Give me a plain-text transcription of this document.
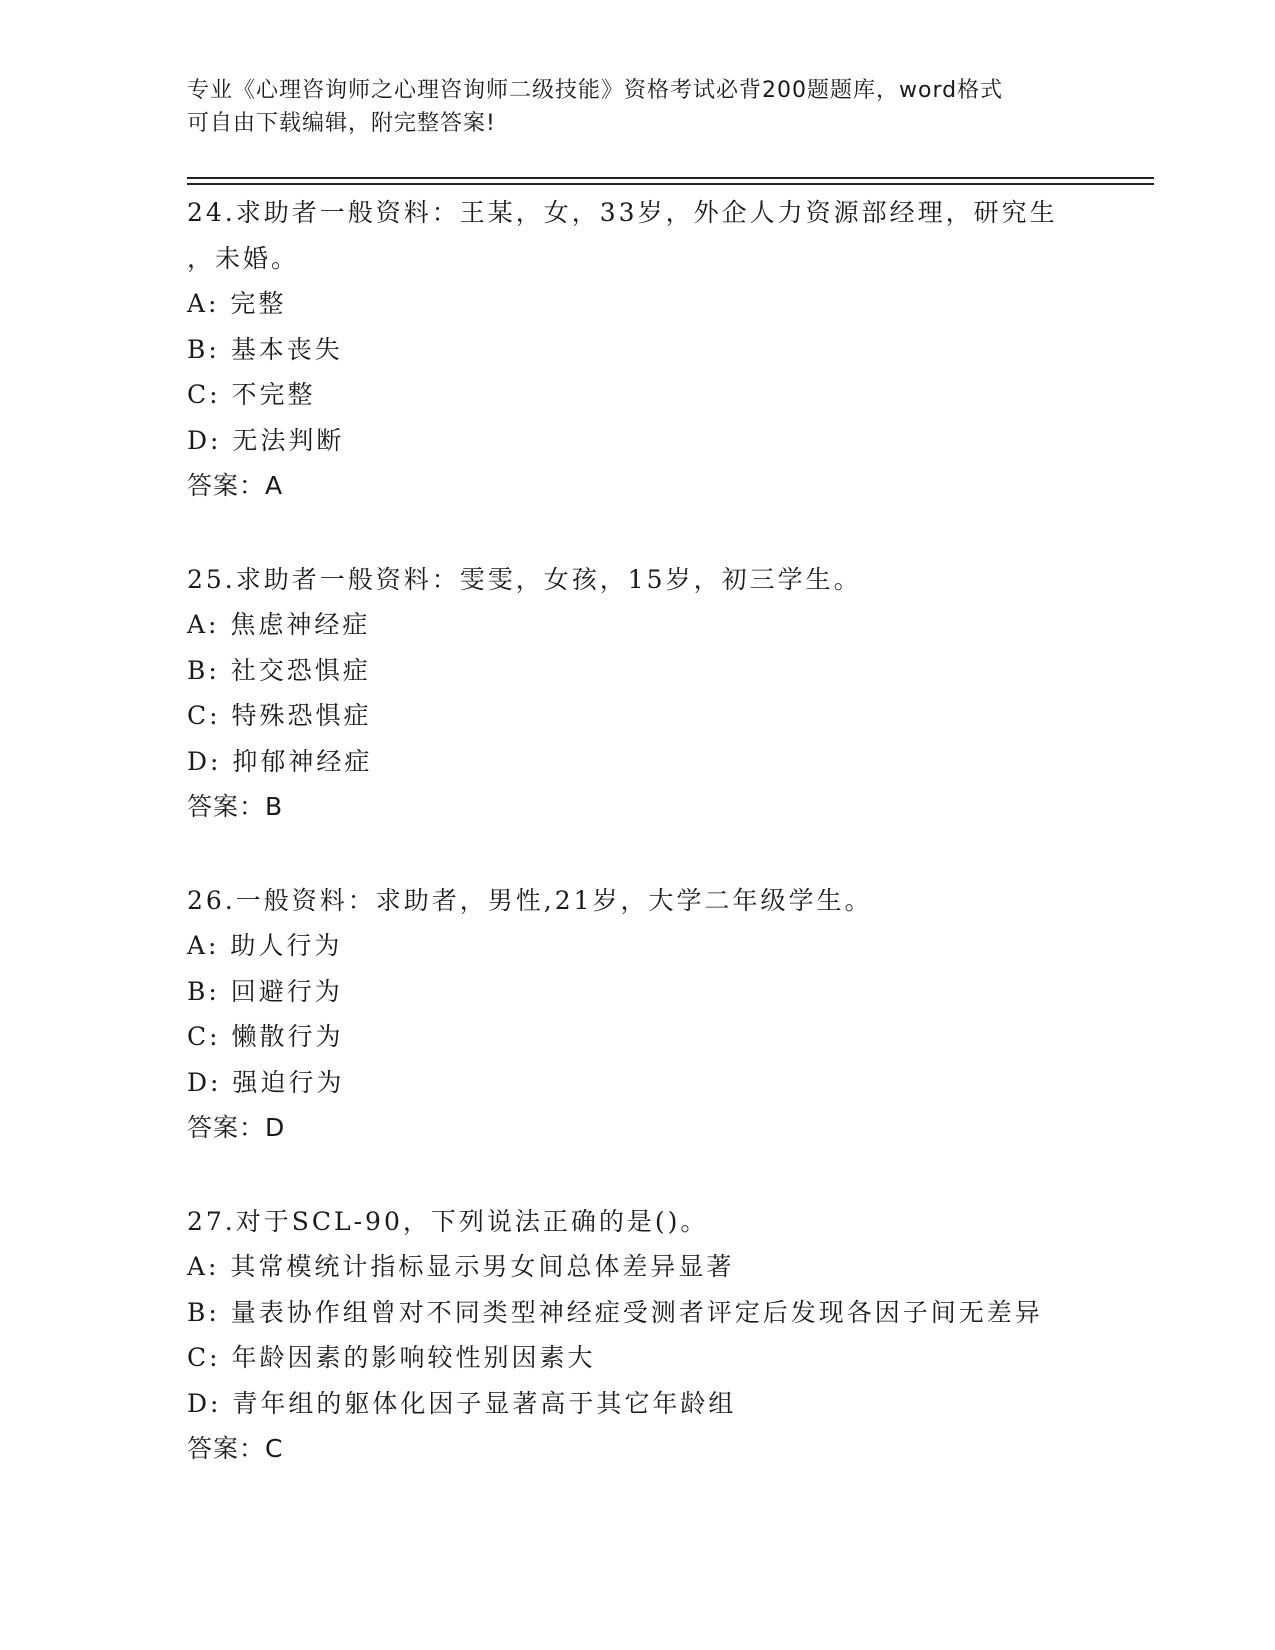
专业《心理咨询师之心理咨询师二级技能》资格考试必背200题题库，word格式
可自由下载编辑，附完整答案!
24.求助者一般资料：王某，女，33岁，外企人力资源部经理，研究生
，未婚。
A: 完整
B: 基本丧失
C: 不完整
D: 无法判断
答案：A
25.求助者一般资料：雯雯，女孩，15岁，初三学生。
A: 焦虑神经症
B: 社交恐惧症
C: 特殊恐惧症
D: 抑郁神经症
答案：B
26.一般资料：求助者，男性,21岁，大学二年级学生。
A: 助人行为
B: 回避行为
C: 懒散行为
D: 强迫行为
答案：D
27.对于SCL-90，下列说法正确的是()。
A: 其常模统计指标显示男女间总体差异显著
B: 量表协作组曾对不同类型神经症受测者评定后发现各因子间无差异
C: 年龄因素的影响较性别因素大
D: 青年组的躯体化因子显著高于其它年龄组
答案：C
